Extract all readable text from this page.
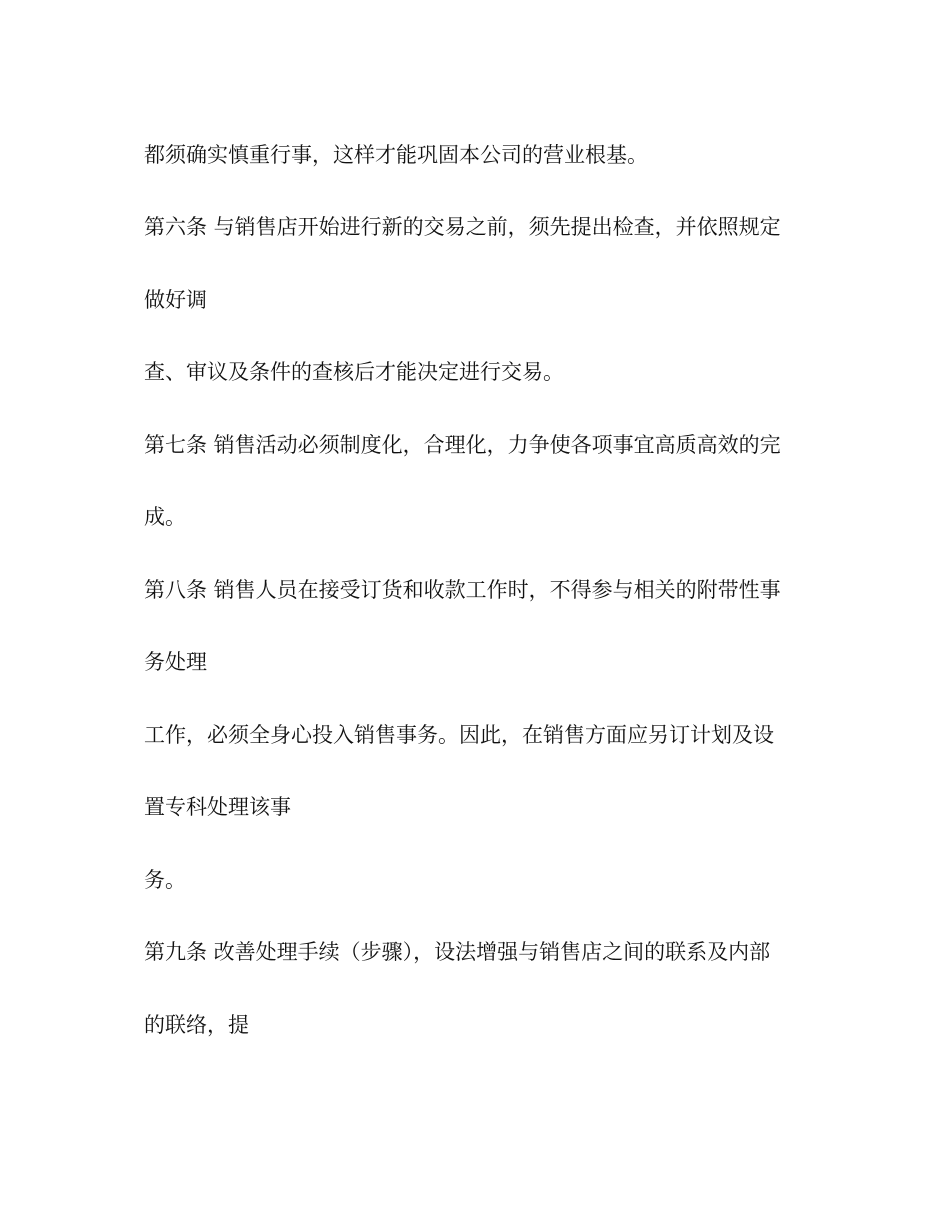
都须确实慎重行事，这样才能巩固本公司的营业根基。
第六条 与销售店开始进行新的交易之前，须先提出检查，并依照规定
做好调
查、审议及条件的查核后才能决定进行交易。
第七条 销售活动必须制度化，合理化，力争使各项事宜高质高效的完
成。
第八条 销售人员在接受订货和收款工作时，不得参与相关的附带性事
务处理
工作，必须全身心投入销售事务。因此，在销售方面应另订计划及设
置专科处理该事
务。
第九条 改善处理手续（步骤），设法增强与销售店之间的联系及内部
的联络，提
